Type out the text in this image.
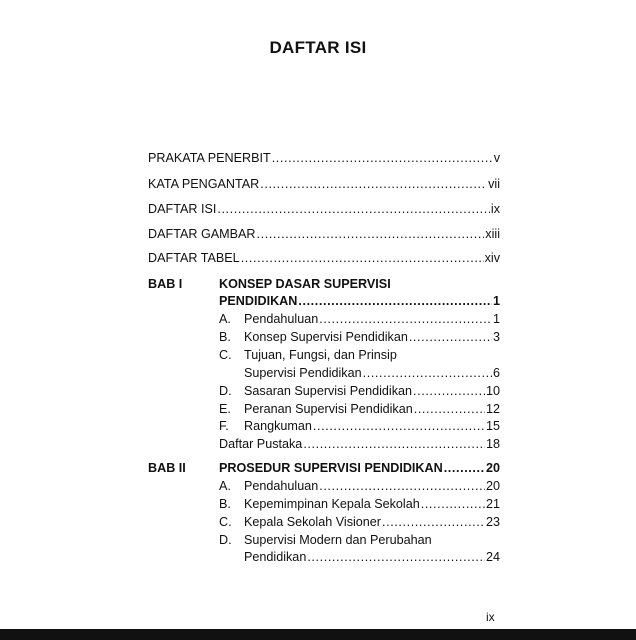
DAFTAR ISI
PRAKATA PENERBIT .....	v
KATA PENGANTAR .....	vii
DAFTAR ISI .....	ix
DAFTAR GAMBAR .....	xiii
DAFTAR TABEL .....	xiv
BAB I	KONSEP DASAR SUPERVISI
PENDIDIKAN .....	1
A. Pendahuluan .....	1
B. Konsep Supervisi Pendidikan .....	3
C. Tujuan, Fungsi, dan Prinsip
Supervisi Pendidikan .....	6
D. Sasaran Supervisi Pendidikan .....	10
E. Peranan Supervisi Pendidikan .....	12
F. Rangkuman .....	15
Daftar Pustaka .....	18
BAB II	PROSEDUR SUPERVISI PENDIDIKAN .....	20
A. Pendahuluan .....	20
B. Kepemimpinan Kepala Sekolah .....	21
C. Kepala Sekolah Visioner .....	23
D. Supervisi Modern dan Perubahan
Pendidikan .....	24
ix
